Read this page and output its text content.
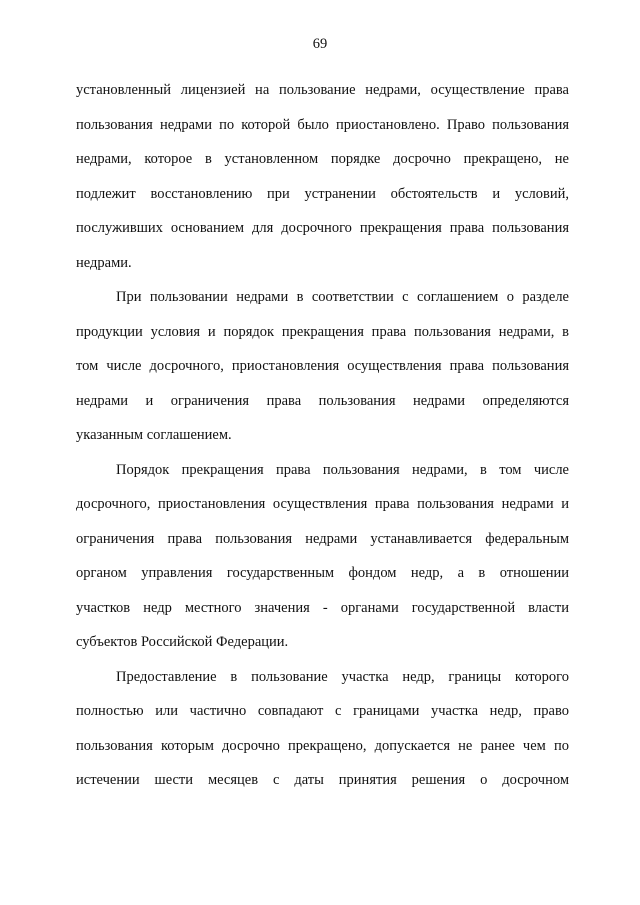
69
установленный лицензией на пользование недрами, осуществление права
пользования недрами по которой было приостановлено. Право пользования
недрами, которое в установленном порядке досрочно прекращено, не
подлежит восстановлению при устранении обстоятельств и условий,
послуживших основанием для досрочного прекращения права пользования
недрами.
При пользовании недрами в соответствии с соглашением о разделе
продукции условия и порядок прекращения права пользования недрами, в
том числе досрочного, приостановления осуществления права пользования
недрами и ограничения права пользования недрами определяются
указанным соглашением.
Порядок прекращения права пользования недрами, в том числе
досрочного, приостановления осуществления права пользования недрами и
ограничения права пользования недрами устанавливается федеральным
органом управления государственным фондом недр, а в отношении
участков недр местного значения - органами государственной власти
субъектов Российской Федерации.
Предоставление в пользование участка недр, границы которого
полностью или частично совпадают с границами участка недр, право
пользования которым досрочно прекращено, допускается не ранее чем по
истечении шести месяцев с даты принятия решения о досрочном
